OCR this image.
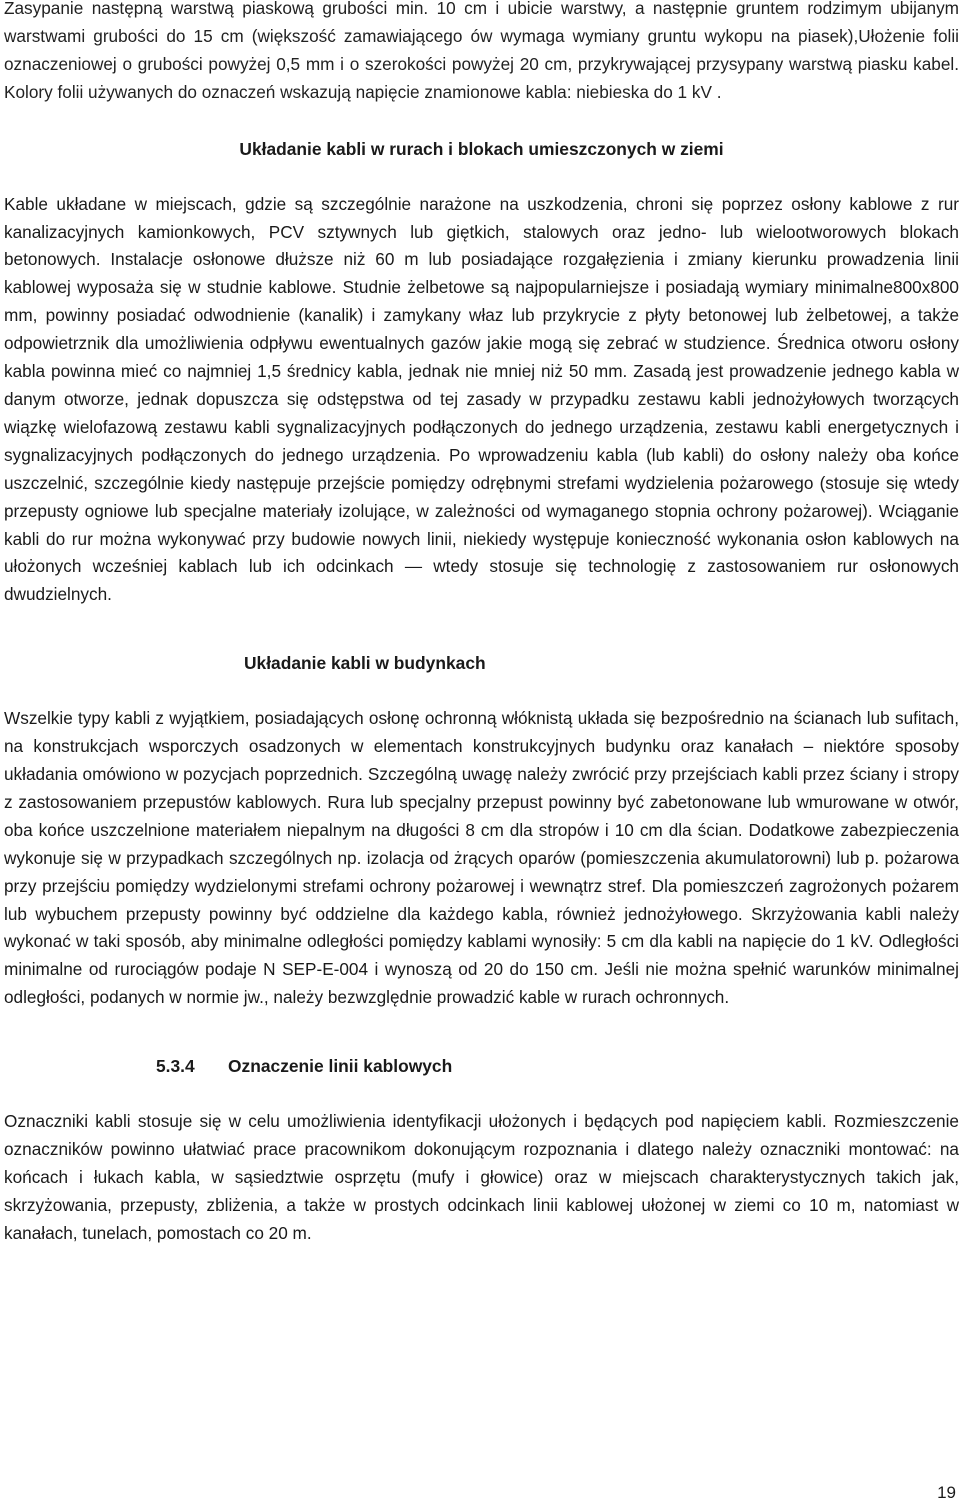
Zasypanie następną warstwą piaskową grubości min. 10 cm i ubicie warstwy, a następnie gruntem rodzimym ubijanym warstwami grubości do 15 cm (większość zamawiającego ów wymaga wymiany gruntu wykopu na piasek),Ułożenie folii oznaczeniowej o grubości powyżej 0,5 mm i o szerokości powyżej 20 cm, przykrywającej przysypany warstwą piasku kabel. Kolory folii używanych do oznaczeń wskazują napięcie znamionowe kabla: niebieska do 1 kV .

Układanie kabli w rurach i blokach umieszczonych w ziemi

Kable układane w miejscach, gdzie są szczególnie narażone na uszkodzenia, chroni się poprzez osłony kablowe z rur kanalizacyjnych kamionkowych, PCV sztywnych lub giętkich, stalowych oraz jedno- lub wielootworowych blokach betonowych. Instalacje osłonowe dłuższe niż 60 m lub posiadające rozgałęzienia i zmiany kierunku prowadzenia linii kablowej wyposaża się w studnie kablowe. Studnie żelbetowe są najpopularniejsze i posiadają wymiary minimalne800x800 mm, powinny posiadać odwodnienie (kanalik) i zamykany właz lub przykrycie z płyty betonowej lub żelbetowej, a także odpowietrznik dla umożliwienia odpływu ewentualnych gazów jakie mogą się zebrać w studzience. Średnica otworu osłony kabla powinna mieć co najmniej 1,5 średnicy kabla, jednak nie mniej niż 50 mm. Zasadą jest prowadzenie jednego kabla w danym otworze, jednak dopuszcza się odstępstwa od tej zasady w przypadku zestawu kabli jednożyłowych tworzących wiązkę wielofazową zestawu kabli sygnalizacyjnych podłączonych do jednego urządzenia, zestawu kabli energetycznych i sygnalizacyjnych podłączonych do jednego urządzenia. Po wprowadzeniu kabla (lub kabli) do osłony należy oba końce uszczelnić, szczególnie kiedy następuje przejście pomiędzy odrębnymi strefami wydzielenia pożarowego (stosuje się wtedy przepusty ogniowe lub specjalne materiały izolujące, w zależności od wymaganego stopnia ochrony pożarowej). Wciąganie kabli do rur można wykonywać przy budowie nowych linii, niekiedy występuje konieczność wykonania osłon kablowych na ułożonych wcześniej kablach lub ich odcinkach — wtedy stosuje się technologię z zastosowaniem rur osłonowych dwudzielnych.

Układanie kabli w budynkach

Wszelkie typy kabli z wyjątkiem, posiadających osłonę ochronną włóknistą układa się bezpośrednio na ścianach lub sufitach, na konstrukcjach wsporczych osadzonych w elementach konstrukcyjnych budynku oraz kanałach – niektóre sposoby układania omówiono w pozycjach poprzednich. Szczególną uwagę należy zwrócić przy przejściach kabli przez ściany i stropy z zastosowaniem przepustów kablowych. Rura lub specjalny przepust powinny być zabetonowane lub wmurowane w otwór, oba końce uszczelnione materiałem niepalnym na długości 8 cm dla stropów i 10 cm dla ścian. Dodatkowe zabezpieczenia wykonuje się w przypadkach szczególnych np. izolacja od żrących oparów (pomieszczenia akumulatorowni) lub p. pożarowa przy przejściu pomiędzy wydzielonymi strefami ochrony pożarowej i wewnątrz stref. Dla pomieszczeń zagrożonych pożarem lub wybuchem przepusty powinny być oddzielne dla każdego kabla, również jednożyłowego. Skrzyżowania kabli należy wykonać w taki sposób, aby minimalne odległości pomiędzy kablami wynosiły: 5 cm dla kabli na napięcie do 1 kV. Odległości minimalne od rurociągów podaje N SEP-E-004 i wynoszą od 20 do 150 cm. Jeśli nie można spełnić warunków minimalnej odległości, podanych w normie jw., należy bezwzględnie prowadzić kable w rurach ochronnych.

5.3.4 Oznaczenie linii kablowych

Oznaczniki kabli stosuje się w celu umożliwienia identyfikacji ułożonych i będących pod napięciem kabli. Rozmieszczenie oznaczników powinno ułatwiać prace pracownikom dokonującym rozpoznania i dlatego należy oznaczniki montować: na końcach i łukach kabla, w sąsiedztwie osprzętu (mufy i głowice) oraz w miejscach charakterystycznych takich jak, skrzyżowania, przepusty, zbliżenia, a także w prostych odcinkach linii kablowej ułożonej w ziemi co 10 m, natomiast w kanałach, tunelach, pomostach co 20 m.

19
